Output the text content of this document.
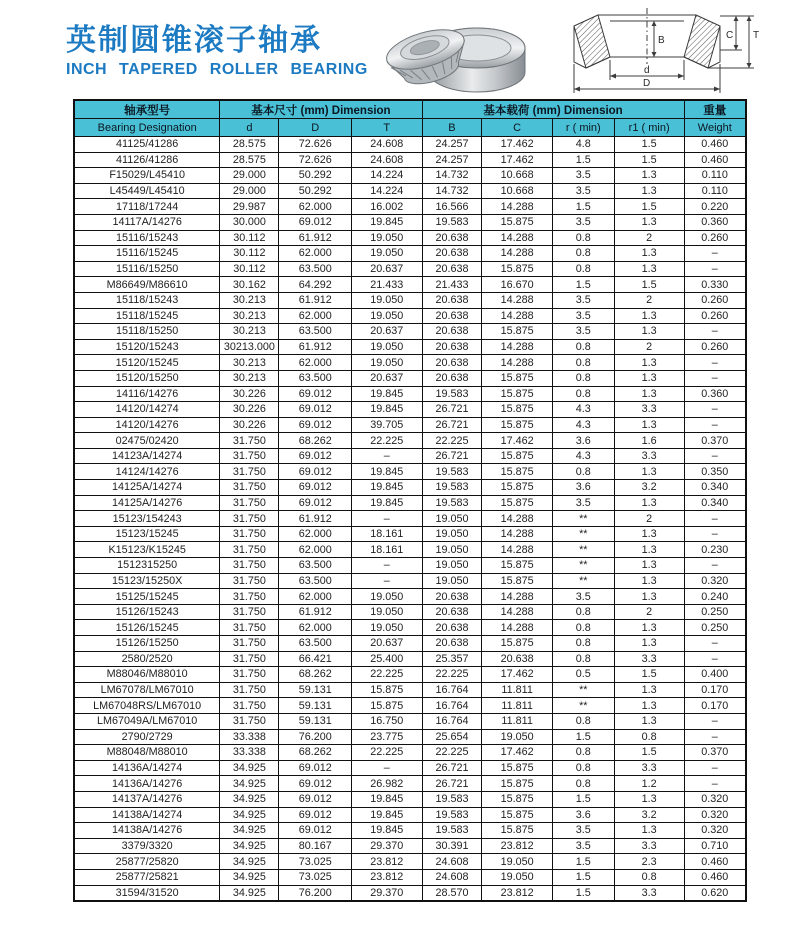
英制圆锥滚子轴承
INCH TAPERED ROLLER BEARING
B	C T
d
D
轴承型号	基本尺寸 (mm) Dimension			基本载荷 (mm) Dimension				重量
Bearing Designation	d	D	T	B	C	r ( min)	r1 ( min)	Weight
41125/41286	28.575	72.626	24.608	24.257	17.462	4.8	1.5	0.460
41126/41286	28.575	72.626	24.608	24.257	17.462	1.5	1.5	0.460
F15029/L45410	29.000	50.292	14.224	14.732	10.668	3.5	1.3	0.110
L45449/L45410	29.000	50.292	14.224	14.732	10.668	3.5	1.3	0.110
17118/17244	29.987	62.000	16.002	16.566	14.288	1.5	1.5	0.220
14117A/14276	30.000	69.012	19.845	19.583	15.875	3.5	1.3	0.360
15116/15243	30.112	61.912	19.050	20.638	14.288	0.8	2	0.260
15116/15245	30.112	62.000	19.050	20.638	14.288	0.8	1.3	–
15116/15250	30.112	63.500	20.637	20.638	15.875	0.8	1.3	–
M86649/M86610	30.162	64.292	21.433	21.433	16.670	1.5	1.5	0.330
15118/15243	30.213	61.912	19.050	20.638	14.288	3.5	2	0.260
15118/15245	30.213	62.000	19.050	20.638	14.288	3.5	1.3	0.260
15118/15250	30.213	63.500	20.637	20.638	15.875	3.5	1.3	–
15120/15243	30213.000	61.912	19.050	20.638	14.288	0.8	2	0.260
15120/15245	30.213	62.000	19.050	20.638	14.288	0.8	1.3	–
15120/15250	30.213	63.500	20.637	20.638	15.875	0.8	1.3	–
14116/14276	30.226	69.012	19.845	19.583	15.875	0.8	1.3	0.360
14120/14274	30.226	69.012	19.845	26.721	15.875	4.3	3.3	–
14120/14276	30.226	69.012	39.705	26.721	15.875	4.3	1.3	–
02475/02420	31.750	68.262	22.225	22.225	17.462	3.6	1.6	0.370
14123A/14274	31.750	69.012	–	26.721	15.875	4.3	3.3	–
14124/14276	31.750	69.012	19.845	19.583	15.875	0.8	1.3	0.350
14125A/14274	31.750	69.012	19.845	19.583	15.875	3.6	3.2	0.340
14125A/14276	31.750	69.012	19.845	19.583	15.875	3.5	1.3	0.340
15123/154243	31.750	61.912	–	19.050	14.288	**	2	–
15123/15245	31.750	62.000	18.161	19.050	14.288	**	1.3	–
K15123/K15245	31.750	62.000	18.161	19.050	14.288	**	1.3	0.230
1512315250	31.750	63.500	–	19.050	15.875	**	1.3	–
15123/15250X	31.750	63.500	–	19.050	15.875	**	1.3	0.320
15125/15245	31.750	62.000	19.050	20.638	14.288	3.5	1.3	0.240
15126/15243	31.750	61.912	19.050	20.638	14.288	0.8	2	0.250
15126/15245	31.750	62.000	19.050	20.638	14.288	0.8	1.3	0.250
15126/15250	31.750	63.500	20.637	20.638	15.875	0.8	1.3	–
2580/2520	31.750	66.421	25.400	25.357	20.638	0.8	3.3	–
M88046/M88010	31.750	68.262	22.225	22.225	17.462	0.5	1.5	0.400
LM67078/LM67010	31.750	59.131	15.875	16.764	11.811	**	1.3	0.170
LM67048RS/LM67010	31.750	59.131	15.875	16.764	11.811	**	1.3	0.170
LM67049A/LM67010	31.750	59.131	16.750	16.764	11.811	0.8	1.3	–
2790/2729	33.338	76.200	23.775	25.654	19.050	1.5	0.8	–
M88048/M88010	33.338	68.262	22.225	22.225	17.462	0.8	1.5	0.370
14136A/14274	34.925	69.012	–	26.721	15.875	0.8	3.3	–
14136A/14276	34.925	69.012	26.982	26.721	15.875	0.8	1.2	–
14137A/14276	34.925	69.012	19.845	19.583	15.875	1.5	1.3	0.320
14138A/14274	34.925	69.012	19.845	19.583	15.875	3.6	3.2	0.320
14138A/14276	34.925	69.012	19.845	19.583	15.875	3.5	1.3	0.320
3379/3320	34.925	80.167	29.370	30.391	23.812	3.5	3.3	0.710
25877/25820	34.925	73.025	23.812	24.608	19.050	1.5	2.3	0.460
25877/25821	34.925	73.025	23.812	24.608	19.050	1.5	0.8	0.460
31594/31520	34.925	76.200	29.370	28.570	23.812	1.5	3.3	0.620
